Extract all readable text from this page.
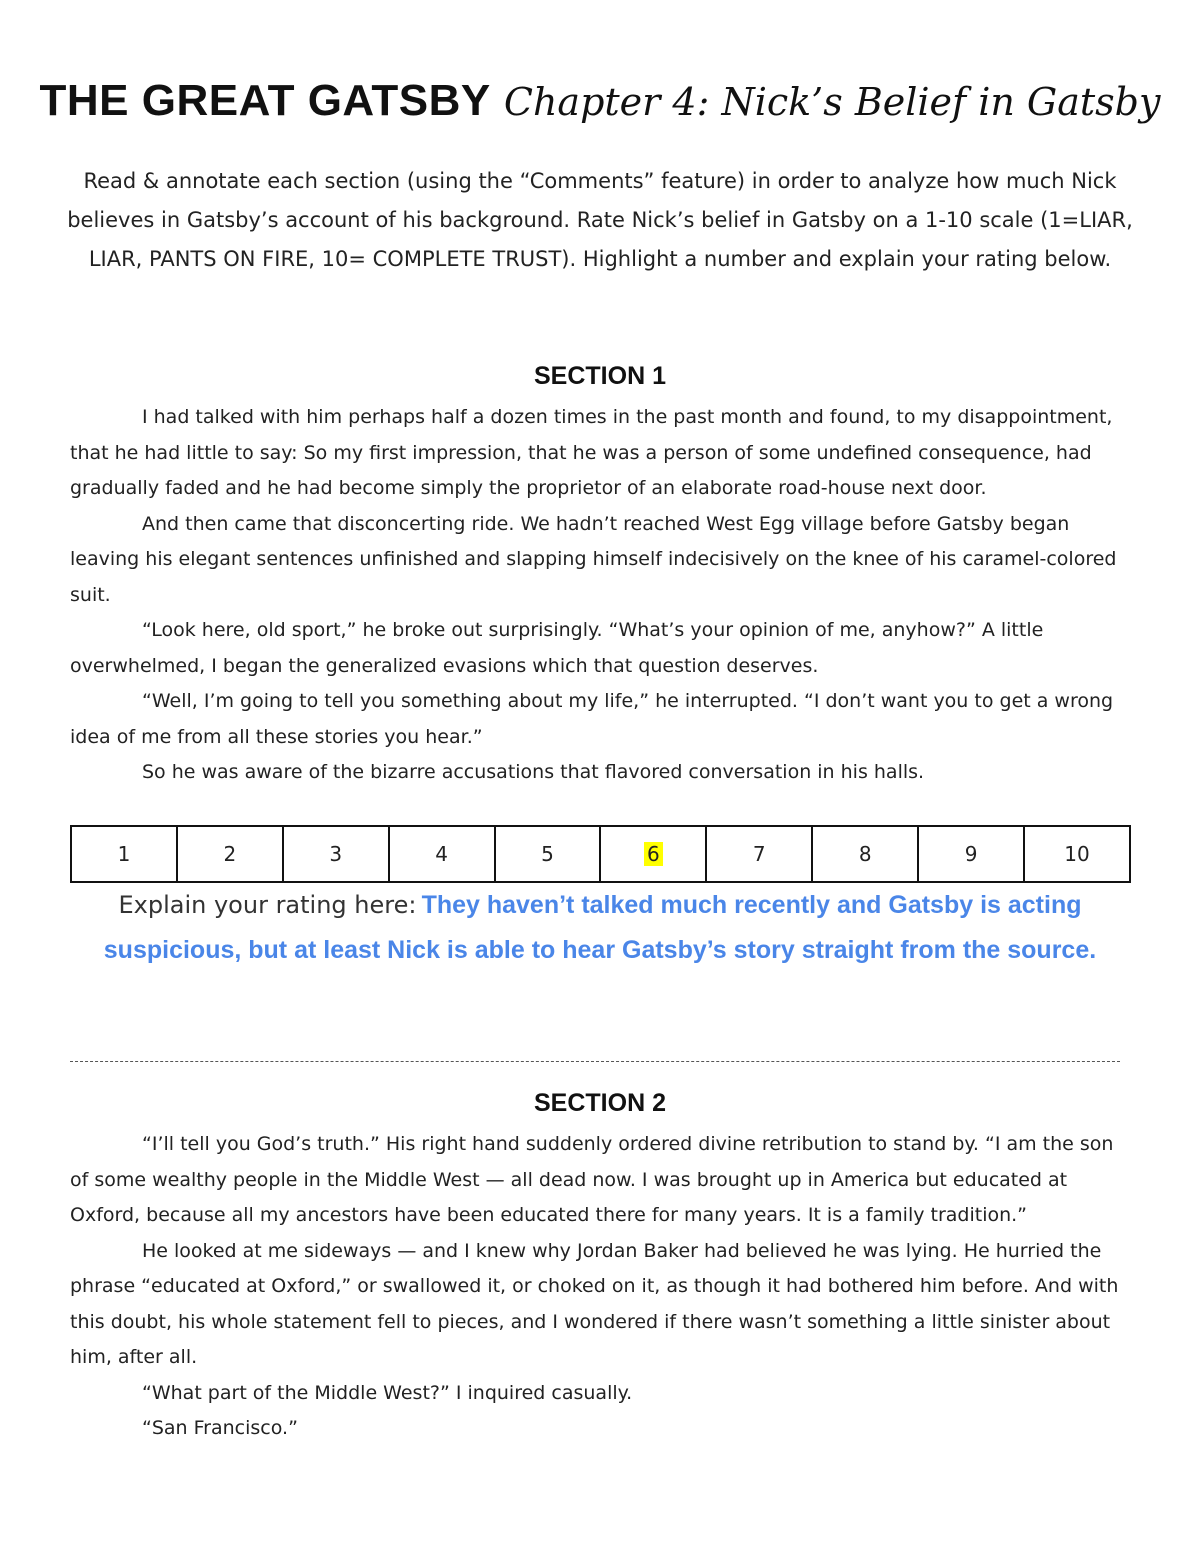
THE GREAT GATSBY Chapter 4: Nick’s Belief in Gatsby
Read & annotate each section (using the “Comments” feature) in order to analyze how much Nick believes in Gatsby’s account of his background. Rate Nick’s belief in Gatsby on a 1-10 scale (1=LIAR, LIAR, PANTS ON FIRE, 10= COMPLETE TRUST). Highlight a number and explain your rating below.
SECTION 1

I had talked with him perhaps half a dozen times in the past month and found, to my disappointment, that he had little to say: So my first impression, that he was a person of some undefined consequence, had gradually faded and he had become simply the proprietor of an elaborate road-house next door.

And then came that disconcerting ride. We hadn’t reached West Egg village before Gatsby began leaving his elegant sentences unfinished and slapping himself indecisively on the knee of his caramel-colored suit.

“Look here, old sport,” he broke out surprisingly. “What’s your opinion of me, anyhow?” A little overwhelmed, I began the generalized evasions which that question deserves.

“Well, I’m going to tell you something about my life,” he interrupted. “I don’t want you to get a wrong idea of me from all these stories you hear.”

So he was aware of the bizarre accusations that flavored conversation in his halls.

1	2	3	4	5	6	7	8	9	10
Explain your rating here: They haven’t talked much recently and Gatsby is acting suspicious, but at least Nick is able to hear Gatsby’s story straight from the source.
SECTION 2

“I’ll tell you God’s truth.” His right hand suddenly ordered divine retribution to stand by. “I am the son of some wealthy people in the Middle West — all dead now. I was brought up in America but educated at Oxford, because all my ancestors have been educated there for many years. It is a family tradition.”

He looked at me sideways — and I knew why Jordan Baker had believed he was lying. He hurried the phrase “educated at Oxford,” or swallowed it, or choked on it, as though it had bothered him before. And with this doubt, his whole statement fell to pieces, and I wondered if there wasn’t something a little sinister about him, after all.

“What part of the Middle West?” I inquired casually.

“San Francisco.”
